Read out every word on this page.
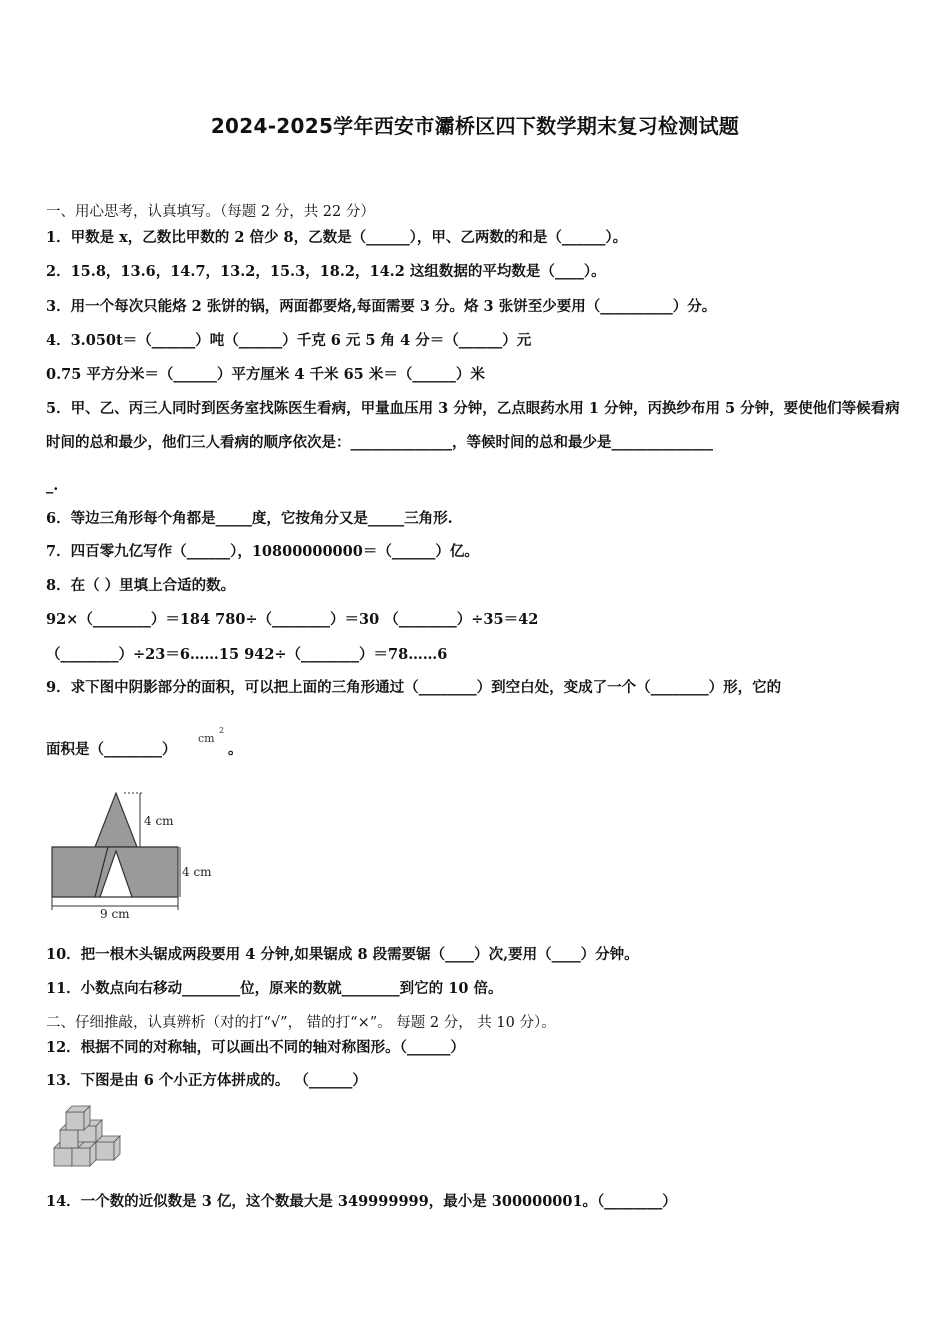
2024-2025学年西安市灞桥区四下数学期末复习检测试题
一、用心思考，认真填写。（每题 2 分，共 22 分）
1．甲数是 x，乙数比甲数的 2 倍少 8，乙数是（______），甲、乙两数的和是（______）。
2．15.8，13.6，14.7，13.2，15.3，18.2，14.2 这组数据的平均数是（____）。
3．用一个每次只能烙 2 张饼的锅，两面都要烙,每面需要 3 分。烙 3 张饼至少要用（__________）分。
4．3.050t＝（______）吨（______）千克 6 元 5 角 4 分＝（______）元
0.75 平方分米＝（______）平方厘米 4 千米 65 米＝（______）米
5．甲、乙、丙三人同时到医务室找陈医生看病，甲量血压用 3 分钟，乙点眼药水用 1 分钟，丙换纱布用 5 分钟，要使他们等候看病时间的总和最少，他们三人看病的顺序依次是：______________，等候时间的总和最少是______________
_.
6．等边三角形每个角都是_____度，它按角分又是_____三角形.
7．四百零九亿写作（______），10800000000＝（______）亿。
8．在（ ）里填上合适的数。
92×（________）＝184 780÷（________）＝30 （________）÷35＝42
（________）÷23＝6……15 942÷（________）＝78……6
9．求下图中阴影部分的面积，可以把上面的三角形通过（________）到空白处，变成了一个（________）形，它的
面积是（________）
cm
2
。
4 cm
4 cm
9 cm
10．把一根木头锯成两段要用 4 分钟,如果锯成 8 段需要锯（____）次,要用（____）分钟。
11．小数点向右移动________位，原来的数就________到它的 10 倍。
二、仔细推敲，认真辨析（对的打“√”， 错的打“×”。 每题 2 分， 共 10 分）。
12．根据不同的对称轴，可以画出不同的轴对称图形。（______）
13．下图是由 6 个小正方体拼成的。 （______）
14．一个数的近似数是 3 亿，这个数最大是 349999999，最小是 300000001。（________）
